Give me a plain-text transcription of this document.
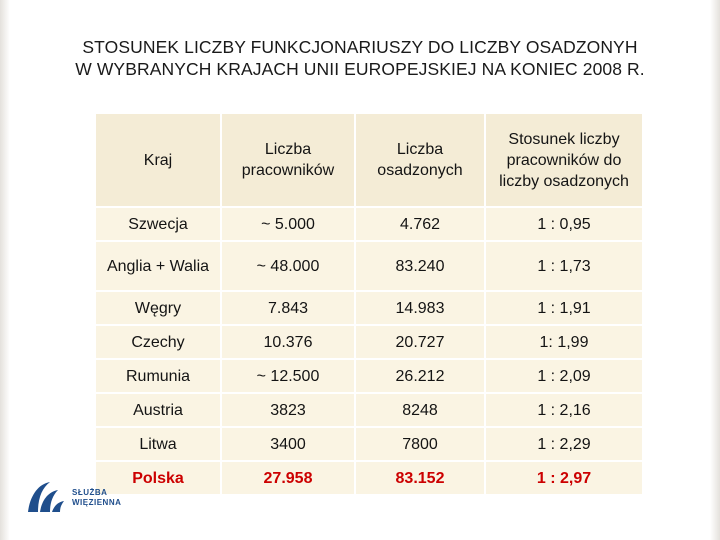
STOSUNEK LICZBY FUNKCJONARIUSZY DO LICZBY OSADZONYH
W WYBRANYCH KRAJACH UNII EUROPEJSKIEJ NA KONIEC 2008 R.
Kraj	Liczba pracowników	Liczba osadzonych	Stosunek liczby pracowników do liczby osadzonych
Szwecja	~ 5.000	4.762	1 : 0,95
Anglia + Walia	~ 48.000	83.240	1 : 1,73
Węgry	7.843	14.983	1 : 1,91
Czechy	10.376	20.727	1: 1,99
Rumunia	~ 12.500	26.212	1 : 2,09
Austria	3823	8248	1 : 2,16
Litwa	3400	7800	1 : 2,29
Polska	27.958	83.152	1 : 2,97
SŁUŻBA
WIĘZIENNA
